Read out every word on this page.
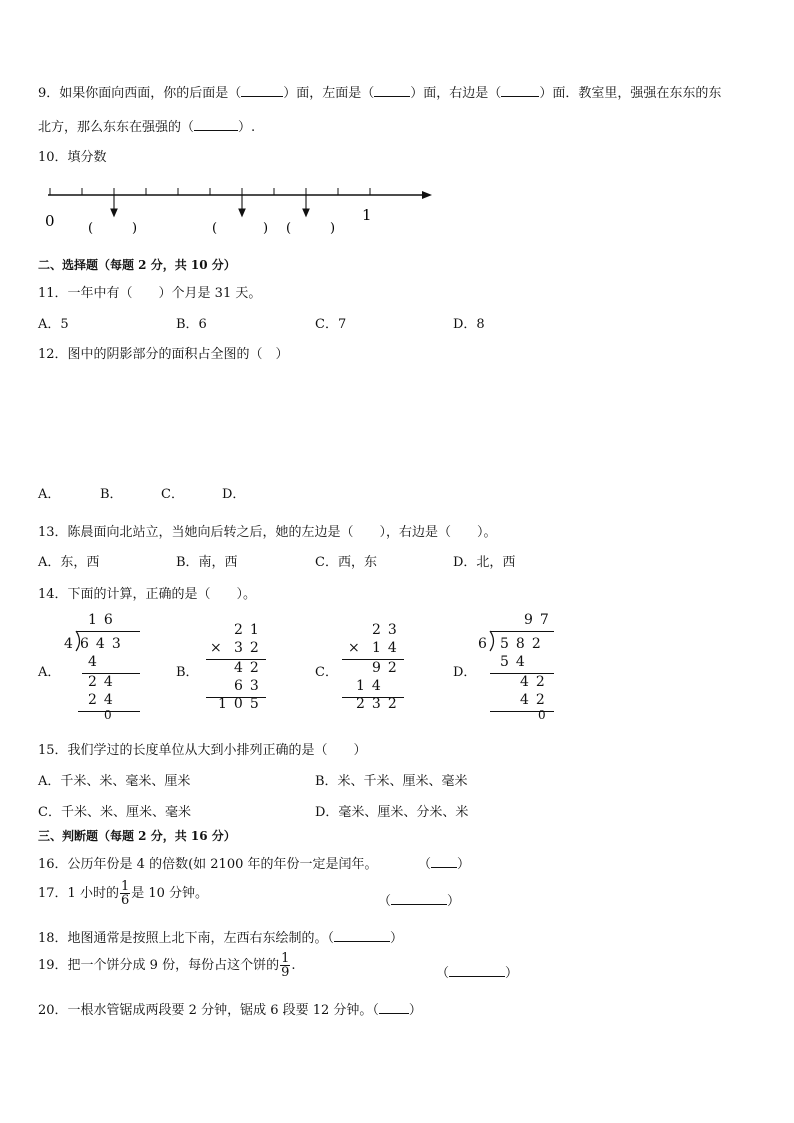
9．如果你面向西面，你的后面是（	）面，左面是（	）面，右边是（	）面．教室里，强强在东东的东
北方，那么东东在强强的（	）.
10．填分数
0	1
(	)	(	) (	)
二、选择题（每题 2 分，共 10 分）
11．一年中有（　　）个月是 31 天。
A．5	B．6	C．7	D．8
12．图中的阴影部分的面积占全图的（　）
A．	B．	C．	D．
13．陈晨面向北站立，当她向后转之后，她的左边是（　　），右边是（　　）。
A．东，西	B．南，西	C．西，东	D．北，西
14．下面的计算，正确的是（　　）。
A．
16
4 643
4
24
24
0
B．
21
× 32
42
63
105
C．
23
× 14
92
14
232
D．
97
6 582
54
42
42
0
15．我们学过的长度单位从大到小排列正确的是（　　）
A．千米、米、毫米、厘米	B．米、千米、厘米、毫米
C．千米、米、厘米、毫米	D．毫米、厘米、分米、米
三、判断题（每题 2 分，共 16 分）
16．公历年份是 4 的倍数(如 2100 年的年份一定是闰年。	（ ）
17．1 小时的 $\frac{1}{6}$ 是 10 分钟。
（	）
18．地图通常是按照上北下南，左西右东绘制的。（	）
19．把一个饼分成 9 份，每份占这个饼的 $\frac{1}{9}$ .
（	）
20．一根水管锯成两段要 2 分钟，锯成 6 段要 12 分钟。（ ）
